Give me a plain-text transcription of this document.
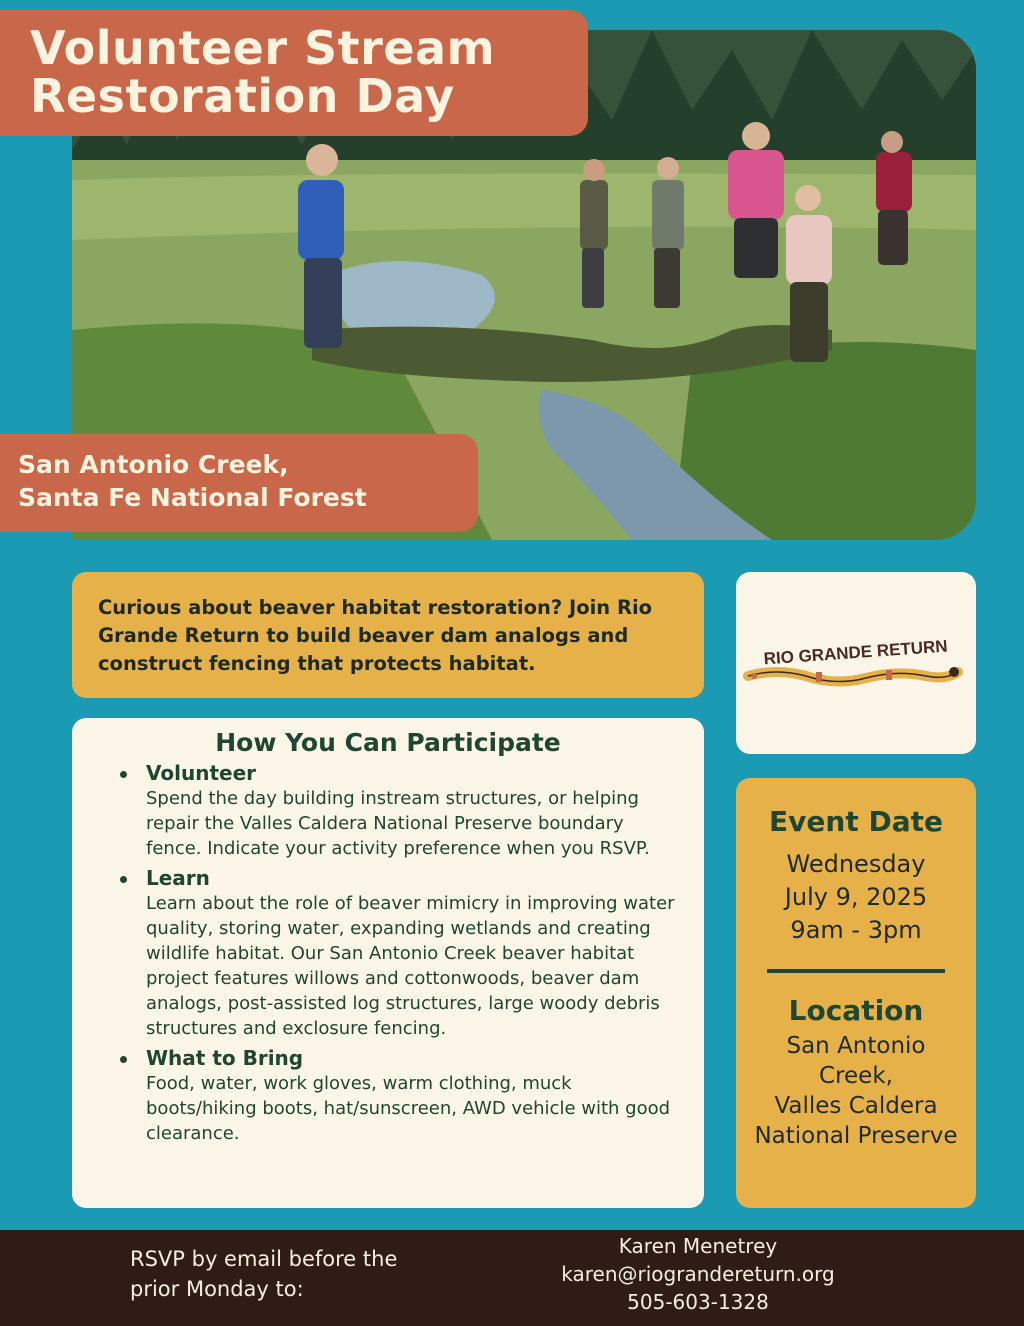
Volunteer Stream
Restoration Day
San Antonio Creek,
Santa Fe National Forest

Curious about beaver habitat restoration? Join Rio Grande Return to build beaver dam analogs and construct fencing that protects habitat.

How You Can Participate
Volunteer
Spend the day building instream structures, or helping repair the Valles Caldera National Preserve boundary fence. Indicate your activity preference when you RSVP.
Learn
Learn about the role of beaver mimicry in improving water quality, storing water, expanding wetlands and creating wildlife habitat. Our San Antonio Creek beaver habitat project features willows and cottonwoods, beaver dam analogs, post-assisted log structures, large woody debris structures and exclosure fencing.
What to Bring
Food, water, work gloves, warm clothing, muck boots/hiking boots, hat/sunscreen, AWD vehicle with good clearance.
RIO GRANDE RETURN
Event Date
Wednesday
July 9, 2025
9am - 3pm
Location
San Antonio
Creek,
Valles Caldera
National Preserve
RSVP by email before the
prior Monday to:
Karen Menetrey
karen@riograndereturn.org
505-603-1328
